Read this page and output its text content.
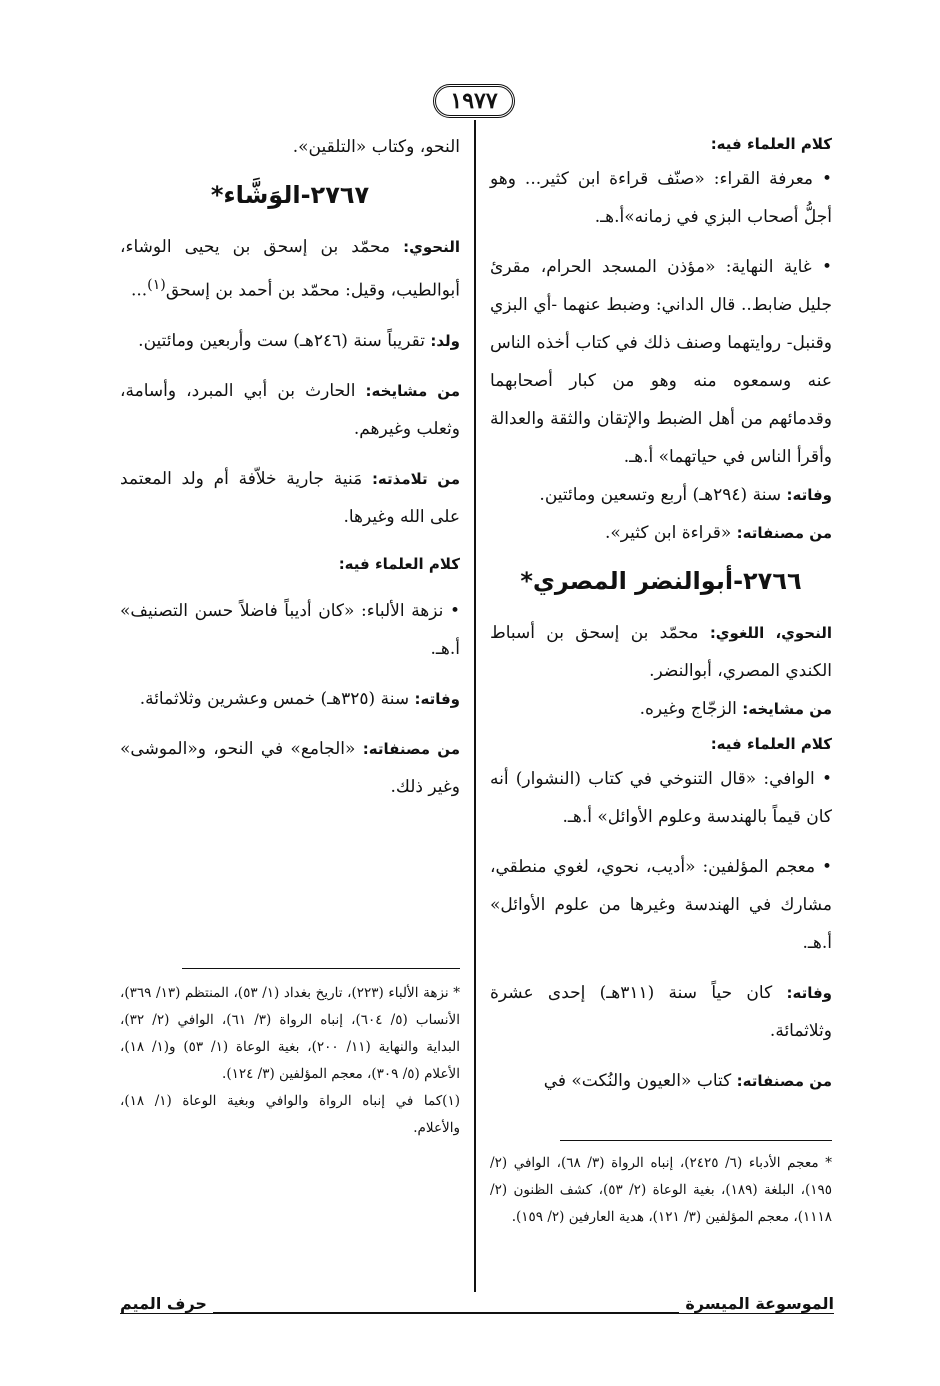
١٩٧٧

كلام العلماء فيه:

• معرفة القراء: «صنّف قراءة ابن كثير... وهو أجلُّ أصحاب البزي في زمانه»أ.هـ.

• غاية النهاية: «مؤذن المسجد الحرام، مقرئ جليل ضابط.. قال الداني: وضبط عنهما -أي البزي وقنبل- روايتهما وصنف ذلك في كتاب أخذه الناس عنه وسمعوه منه وهو من كبار أصحابهما وقدمائهم من أهل الضبط والإتقان والثقة والعدالة وأقرأ الناس في حياتهما» أ.هـ.

وفاته: سنة (٢٩٤هـ) أربع وتسعين ومائتين.

من مصنفاته: «قراءة ابن كثير».

٢٧٦٦-أبوالنضر المصري*

النحوي، اللغوي: محمّد بن إسحق بن أسباط الكندي المصري، أبوالنضر.

من مشايخه: الزجّاج وغيره.

كلام العلماء فيه:

• الوافي: «قال التنوخي في كتاب (النشوار) أنه كان قيماً بالهندسة وعلوم الأوائل» أ.هـ.

• معجم المؤلفين: «أديب، نحوي، لغوي منطقي، مشارك في الهندسة وغيرها من علوم الأوائل» أ.هـ.

وفاته: كان حياً سنة (٣١١هـ) إحدى عشرة وثلاثمائة.

من مصنفاته: كتاب «العيون والنُكت» في

* معجم الأدباء (٦/ ٢٤٢٥)، إنباه الرواة (٣/ ٦٨)، الوافي (٢/ ١٩٥)، البلغة (١٨٩)، بغية الوعاة (٢/ ٥٣)، كشف الظنون (٢/ ١١١٨)، معجم المؤلفين (٣/ ١٢١)، هدية العارفين (٢/ ١٥٩).

النحو، وكتاب «التلقين».

٢٧٦٧-الوَشَّاء*

النحوي: محمّد بن إسحق بن يحيى الوشاء، أبوالطيب، وقيل: محمّد بن أحمد بن إسحق$^{(١)}$...

ولد: تقريباً سنة (٢٤٦هـ) ست وأربعين ومائتين.

من مشايخه: الحارث بن أبي المبرد، وأسامة، وثعلب وغيرهم.

من تلامذته: مَنية جارية خلاّفة أم ولد المعتمد على الله وغيرها.

كلام العلماء فيه:

• نزهة الألباء: «كان أديباً فاضلاً حسن التصنيف» أ.هـ.

وفاته: سنة (٣٢٥هـ) خمس وعشرين وثلاثمائة.

من مصنفاته: «الجامع» في النحو، و«الموشى» وغير ذلك.

* نزهة الألباء (٢٢٣)، تاريخ بغداد (١/ ٥٣)، المنتظم (١٣/ ٣٦٩)، الأنساب (٥/ ٦٠٤)، إنباه الرواة (٣/ ٦١)، الوافي (٢/ ٣٢)، البداية والنهاية (١١/ ٢٠٠)، بغية الوعاة (١/ ٥٣) و(١/ ١٨)، الأعلام (٥/ ٣٠٩)، معجم المؤلفين (٣/ ١٢٤).

(١)كما في إنباه الرواة والوافي وبغية الوعاة (١/ ١٨)، والأعلام.

الموسوعة الميسرة
حرف الميم
